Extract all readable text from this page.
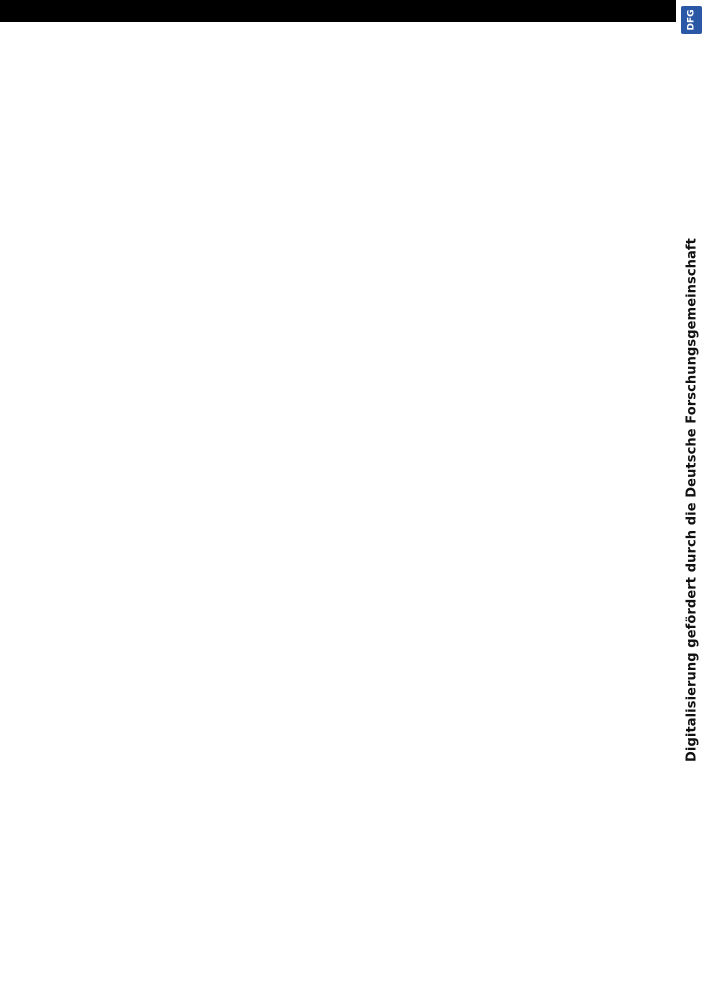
DFG
Digitalisierung gefördert durch die Deutsche Forschungsgemeinschaft
